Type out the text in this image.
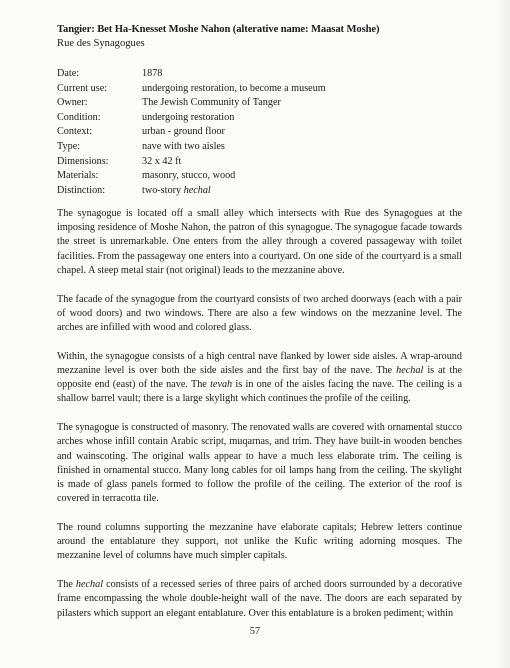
Tangier: Bet Ha-Knesset Moshe Nahon (alterative name: Maasat Moshe)
Rue des Synagogues
Date:	1878
Current use:	undergoing restoration, to become a museum
Owner:	The Jewish Community of Tanger
Condition:	undergoing restoration
Context:	urban - ground floor
Type:	nave with two aisles
Dimensions:	32 x 42 ft
Materials:	masonry, stucco, wood
Distinction:	two-story hechal

The synagogue is located off a small alley which intersects with Rue des Synagogues at the imposing residence of Moshe Nahon, the patron of this synagogue. The synagogue facade towards the street is unremarkable. One enters from the alley through a covered passageway with toilet facilities. From the passageway one enters into a courtyard. On one side of the courtyard is a small chapel. A steep metal stair (not original) leads to the mezzanine above.

The facade of the synagogue from the courtyard consists of two arched doorways (each with a pair of wood doors) and two windows. There are also a few windows on the mezzanine level. The arches are infilled with wood and colored glass.

Within, the synagogue consists of a high central nave flanked by lower side aisles. A wrap-around mezzanine level is over both the side aisles and the first bay of the nave. The hechal is at the opposite end (east) of the nave. The tevah is in one of the aisles facing the nave. The ceiling is a shallow barrel vault; there is a large skylight which continues the profile of the ceiling.

The synagogue is constructed of masonry. The renovated walls are covered with ornamental stucco arches whose infill contain Arabic script, muqarnas, and trim. They have built-in wooden benches and wainscoting. The original walls appear to have a much less elaborate trim. The ceiling is finished in ornamental stucco. Many long cables for oil lamps hang from the ceiling. The skylight is made of glass panels formed to follow the profile of the ceiling. The exterior of the roof is covered in terracotta tile.

The round columns supporting the mezzanine have elaborate capitals; Hebrew letters continue around the entablature they support, not unlike the Kufic writing adorning mosques. The mezzanine level of columns have much simpler capitals.

The hechal consists of a recessed series of three pairs of arched doors surrounded by a decorative frame encompassing the whole double-height wall of the nave. The doors are each separated by pilasters which support an elegant entablature. Over this entablature is a broken pediment; within

57
